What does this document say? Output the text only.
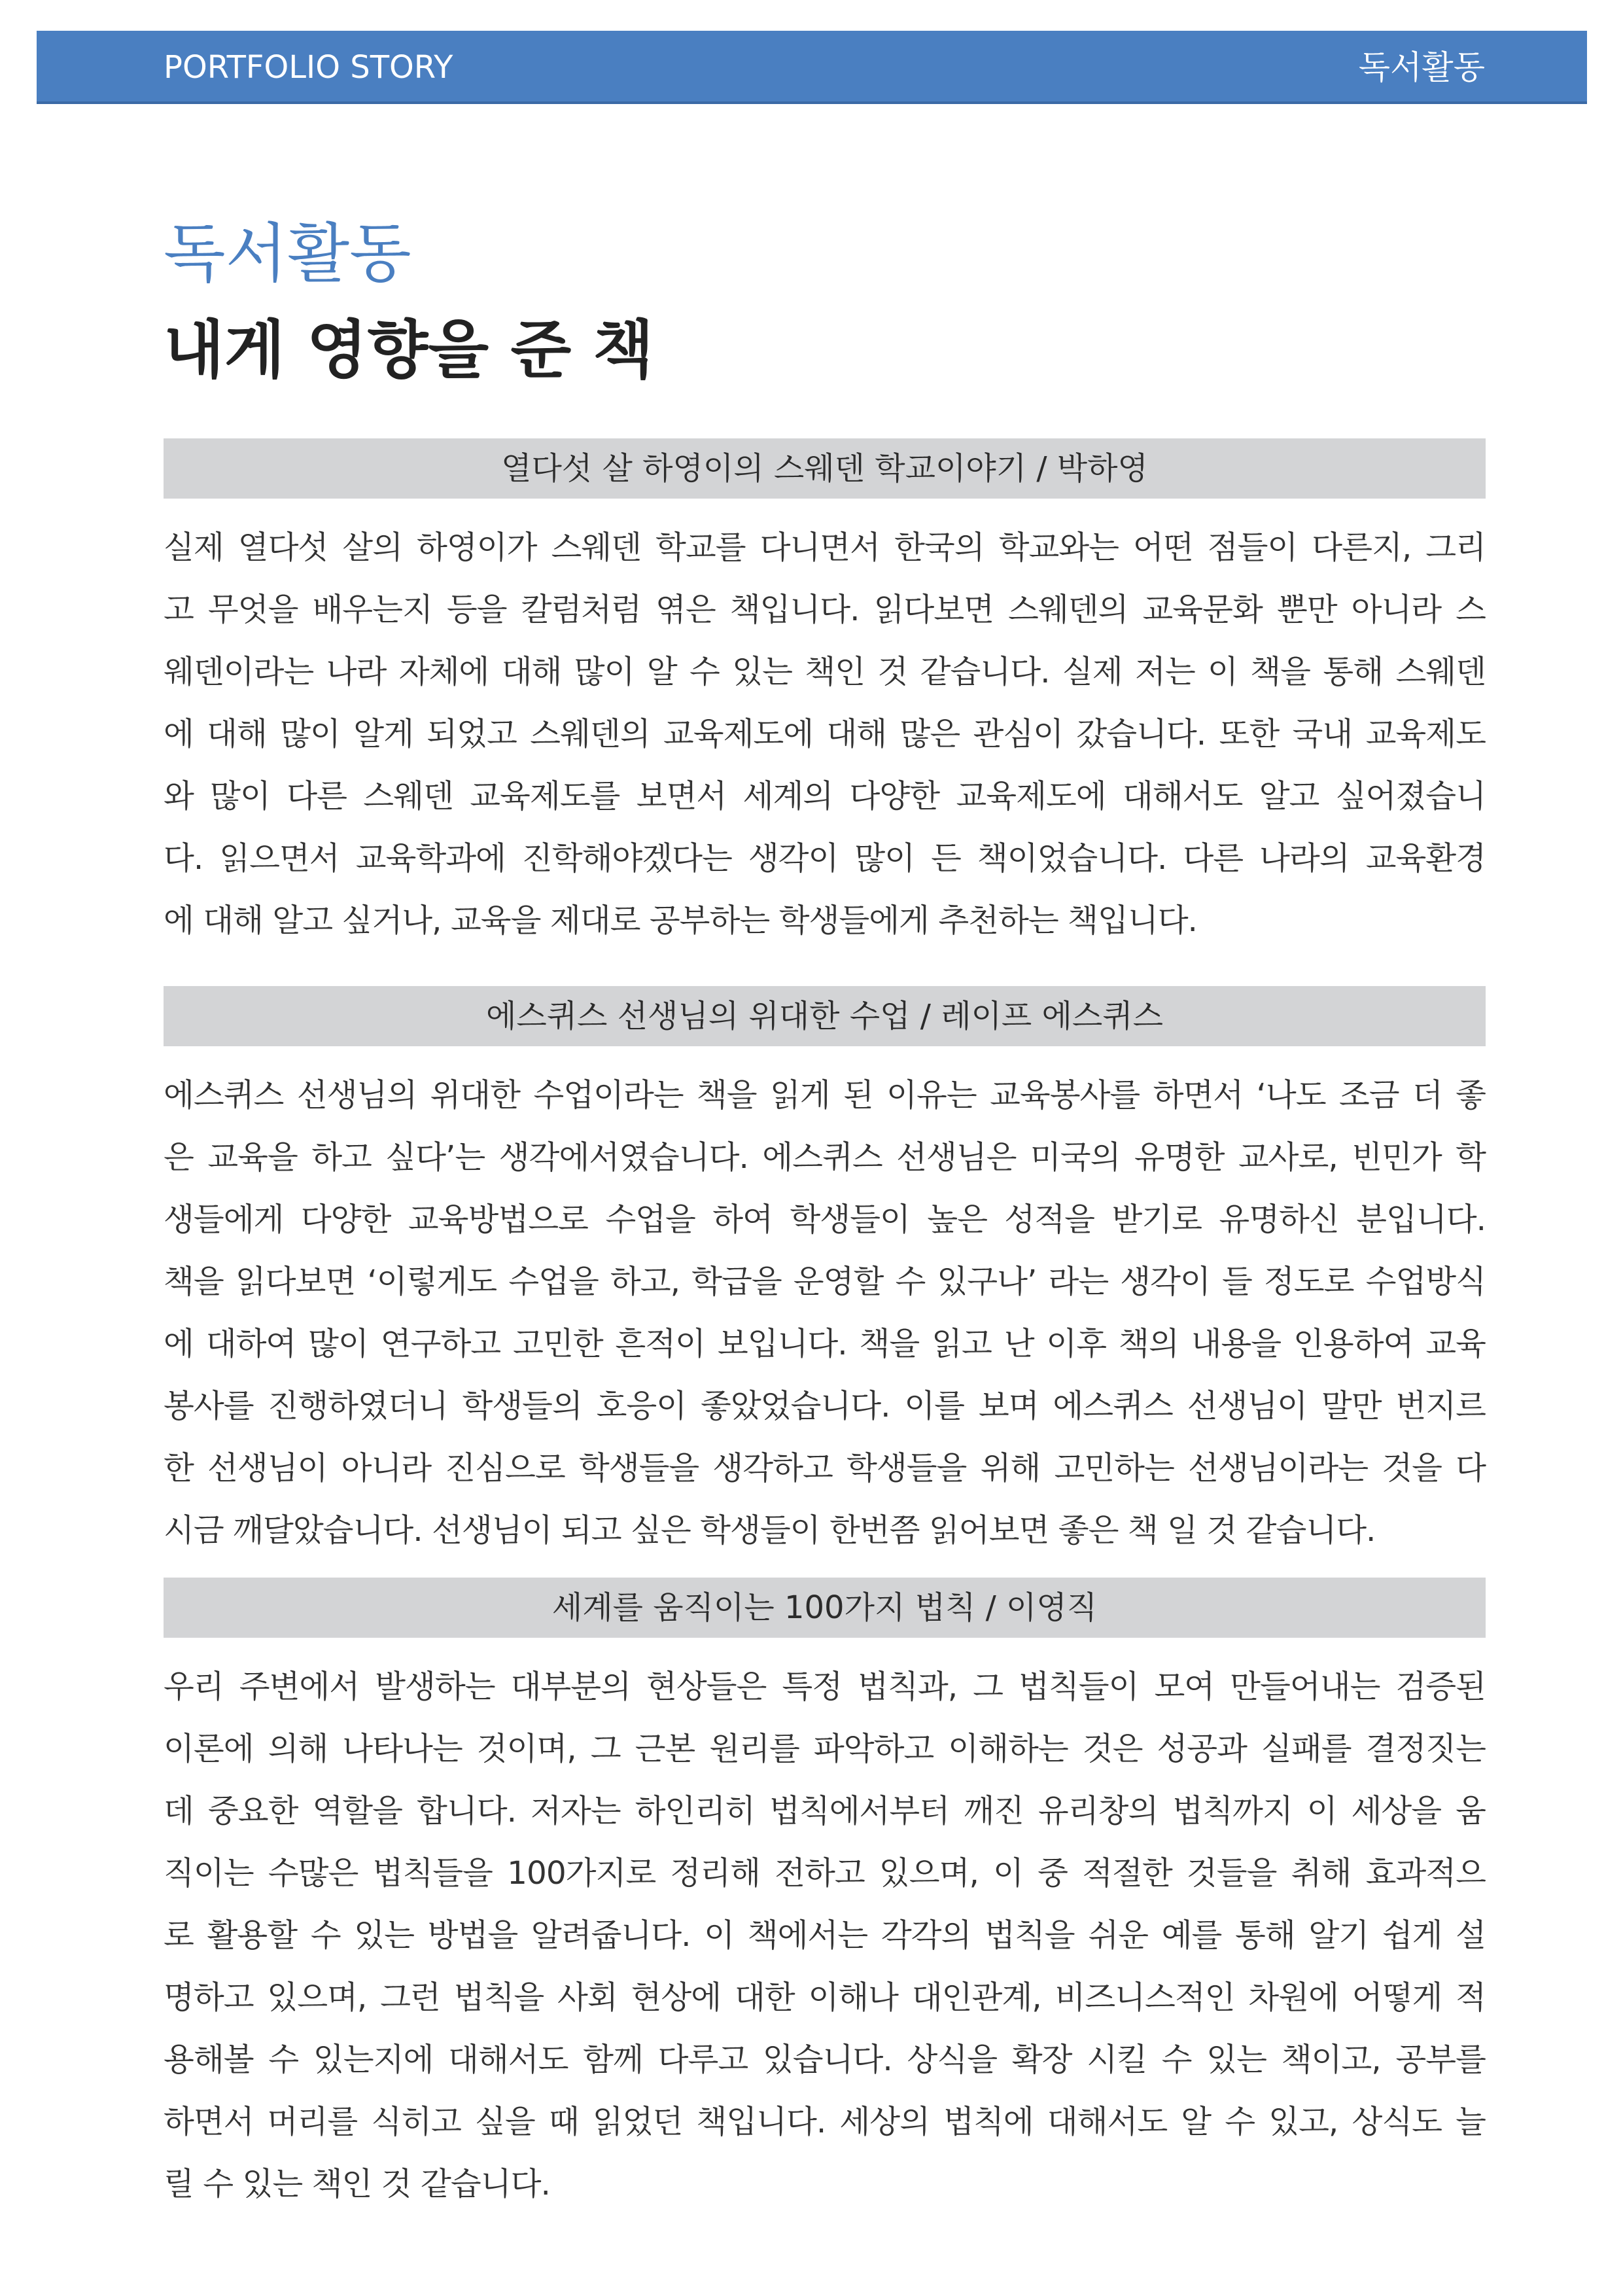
PORTFOLIO STORY	독서활동
독서활동
내게 영향을 준 책
열다섯 살 하영이의 스웨덴 학교이야기 / 박하영
실제 열다섯 살의 하영이가 스웨덴 학교를 다니면서 한국의 학교와는 어떤 점들이 다른지, 그리
고 무엇을 배우는지 등을 칼럼처럼 엮은 책입니다. 읽다보면 스웨덴의 교육문화 뿐만 아니라 스
웨덴이라는 나라 자체에 대해 많이 알 수 있는 책인 것 같습니다. 실제 저는 이 책을 통해 스웨덴
에 대해 많이 알게 되었고 스웨덴의 교육제도에 대해 많은 관심이 갔습니다. 또한 국내 교육제도
와 많이 다른 스웨덴 교육제도를 보면서 세계의 다양한 교육제도에 대해서도 알고 싶어졌습니
다. 읽으면서 교육학과에 진학해야겠다는 생각이 많이 든 책이었습니다. 다른 나라의 교육환경
에 대해 알고 싶거나, 교육을 제대로 공부하는 학생들에게 추천하는 책입니다.
에스퀴스 선생님의 위대한 수업 / 레이프 에스퀴스
에스퀴스 선생님의 위대한 수업이라는 책을 읽게 된 이유는 교육봉사를 하면서 ‘나도 조금 더 좋
은 교육을 하고 싶다’는 생각에서였습니다. 에스퀴스 선생님은 미국의 유명한 교사로, 빈민가 학
생들에게 다양한 교육방법으로 수업을 하여 학생들이 높은 성적을 받기로 유명하신 분입니다.
책을 읽다보면 ‘이렇게도 수업을 하고, 학급을 운영할 수 있구나’ 라는 생각이 들 정도로 수업방식
에 대하여 많이 연구하고 고민한 흔적이 보입니다. 책을 읽고 난 이후 책의 내용을 인용하여 교육
봉사를 진행하였더니 학생들의 호응이 좋았었습니다. 이를 보며 에스퀴스 선생님이 말만 번지르
한 선생님이 아니라 진심으로 학생들을 생각하고 학생들을 위해 고민하는 선생님이라는 것을 다
시금 깨달았습니다. 선생님이 되고 싶은 학생들이 한번쯤 읽어보면 좋은 책 일 것 같습니다.
세계를 움직이는 100가지 법칙 / 이영직
우리 주변에서 발생하는 대부분의 현상들은 특정 법칙과, 그 법칙들이 모여 만들어내는 검증된
이론에 의해 나타나는 것이며, 그 근본 원리를 파악하고 이해하는 것은 성공과 실패를 결정짓는
데 중요한 역할을 합니다. 저자는 하인리히 법칙에서부터 깨진 유리창의 법칙까지 이 세상을 움
직이는 수많은 법칙들을 100가지로 정리해 전하고 있으며, 이 중 적절한 것들을 취해 효과적으
로 활용할 수 있는 방법을 알려줍니다. 이 책에서는 각각의 법칙을 쉬운 예를 통해 알기 쉽게 설
명하고 있으며, 그런 법칙을 사회 현상에 대한 이해나 대인관계, 비즈니스적인 차원에 어떻게 적
용해볼 수 있는지에 대해서도 함께 다루고 있습니다. 상식을 확장 시킬 수 있는 책이고, 공부를
하면서 머리를 식히고 싶을 때 읽었던 책입니다. 세상의 법칙에 대해서도 알 수 있고, 상식도 늘
릴 수 있는 책인 것 같습니다.
